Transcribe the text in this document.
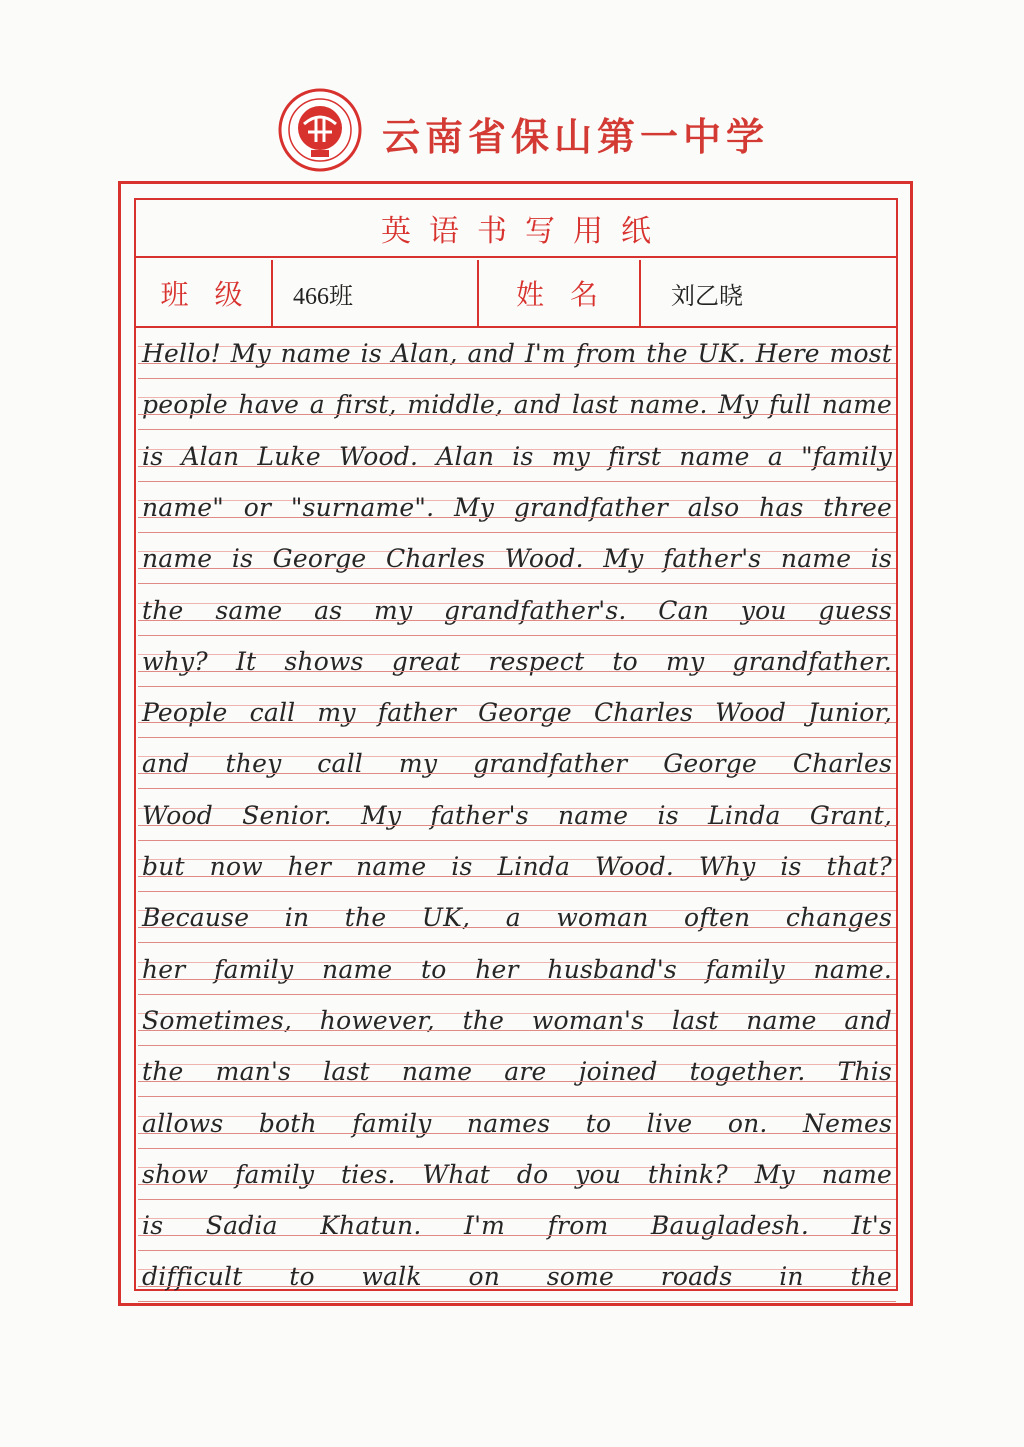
云南省保山第一中学
英语书写用纸
班级	466班	姓名	刘乙晓
Hello! My name is Alan, and I'm from the UK. Here most
people have a first, middle, and last name. My full name
is Alan Luke Wood. Alan is my first name a "family
name" or "surname". My grandfather also has three
name is George Charles Wood. My father's name is
the same as my grandfather's. Can you guess
why? It shows great respect to my grandfather.
People call my father George Charles Wood Junior,
and they call my grandfather George Charles
Wood Senior. My father's name is Linda Grant,
but now her name is Linda Wood. Why is that?
Because in the UK, a woman often changes
her family name to her husband's family name.
Sometimes, however, the woman's last name and
the man's last name are joined together. This
allows both family names to live on. Nemes
show family ties. What do you think? My name
is Sadia Khatun. I'm from Baugladesh. It's
difficult to walk on some roads in the
